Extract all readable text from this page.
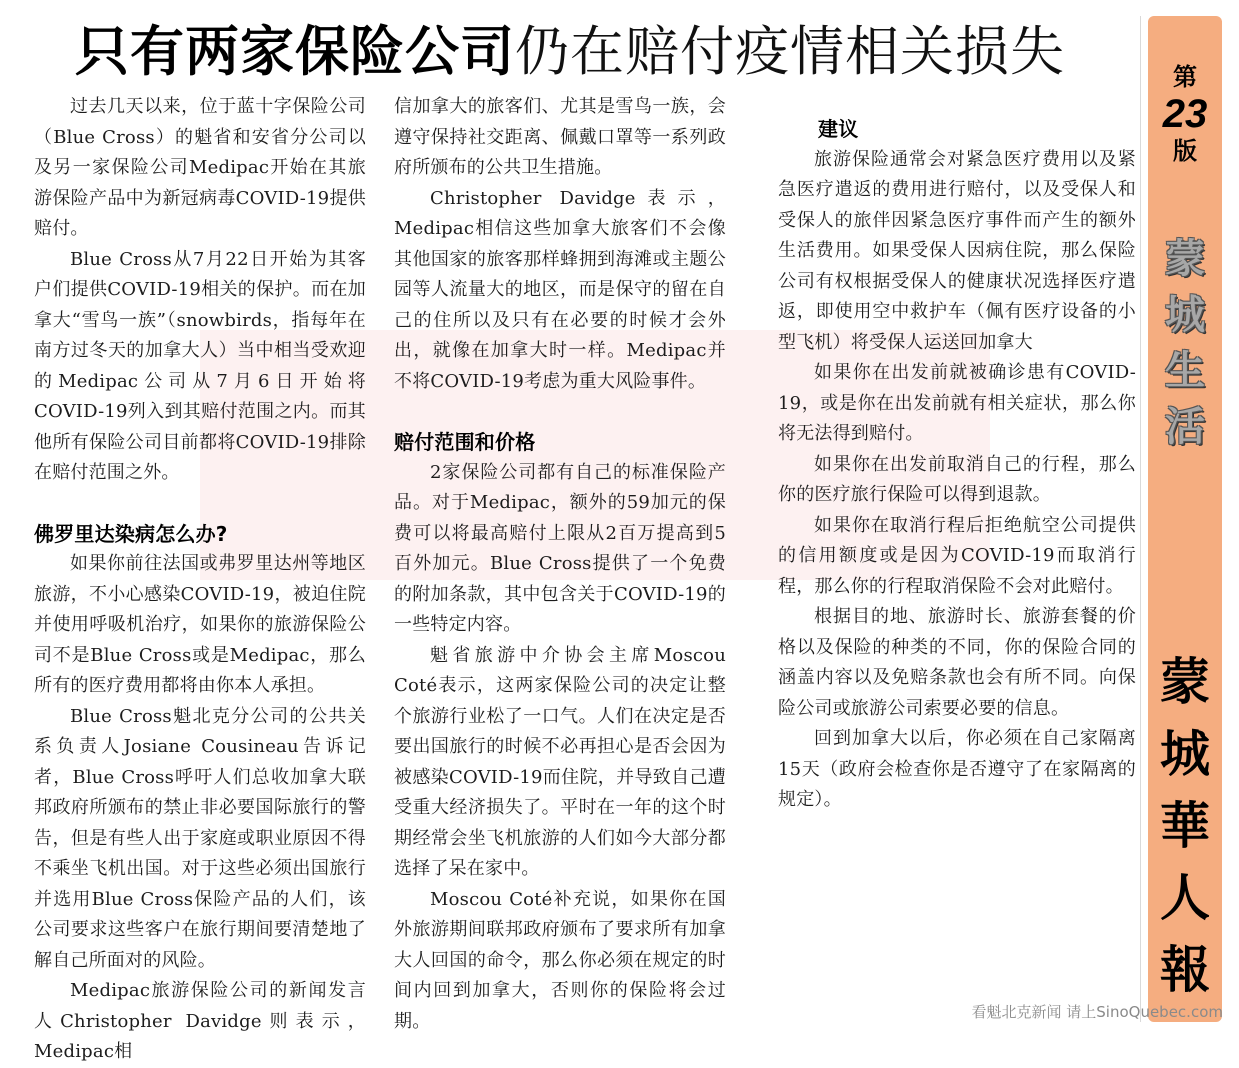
只有两家保险公司仍在赔付疫情相关损失

过去几天以来，位于蓝十字保险公司（Blue Cross）的魁省和安省分公司以及另一家保险公司Medipac开始在其旅游保险产品中为新冠病毒COVID-19提供赔付。

Blue Cross从7月22日开始为其客户们提供COVID-19相关的保护。而在加拿大“雪鸟一族”（snowbirds，指每年在南方过冬天的加拿大人）当中相当受欢迎的Medipac公司从7月6日开始将COVID-19列入到其赔付范围之内。而其他所有保险公司目前都将COVID-19排除在赔付范围之外。

佛罗里达染病怎么办?

如果你前往法国或弗罗里达州等地区旅游，不小心感染COVID-19，被迫住院并使用呼吸机治疗，如果你的旅游保险公司不是Blue Cross或是Medipac，那么所有的医疗费用都将由你本人承担。

Blue Cross魁北克分公司的公共关系负责人Josiane Cousineau告诉记者，Blue Cross呼吁人们总收加拿大联邦政府所颁布的禁止非必要国际旅行的警告，但是有些人出于家庭或职业原因不得不乘坐飞机出国。对于这些必须出国旅行并选用Blue Cross保险产品的人们，该公司要求这些客户在旅行期间要清楚地了解自己所面对的风险。

Medipac旅游保险公司的新闻发言人Christopher Davidge则表示，Medipac相

信加拿大的旅客们、尤其是雪鸟一族，会遵守保持社交距离、佩戴口罩等一系列政府所颁布的公共卫生措施。

Christopher Davidge表示，Medipac相信这些加拿大旅客们不会像其他国家的旅客那样蜂拥到海滩或主题公园等人流量大的地区，而是保守的留在自己的住所以及只有在必要的时候才会外出，就像在加拿大时一样。Medipac并不将COVID-19考虑为重大风险事件。

赔付范围和价格

2家保险公司都有自己的标准保险产品。对于Medipac，额外的59加元的保费可以将最高赔付上限从2百万提高到5百外加元。Blue Cross提供了一个免费的附加条款，其中包含关于COVID-19的一些特定内容。

魁省旅游中介协会主席Moscou Coté表示，这两家保险公司的决定让整个旅游行业松了一口气。人们在决定是否要出国旅行的时候不必再担心是否会因为被感染COVID-19而住院，并导致自己遭受重大经济损失了。平时在一年的这个时期经常会坐飞机旅游的人们如今大部分都选择了呆在家中。

Moscou Coté补充说，如果你在国外旅游期间联邦政府颁布了要求所有加拿大人回国的命令，那么你必须在规定的时间内回到加拿大，否则你的保险将会过期。

建议

旅游保险通常会对紧急医疗费用以及紧急医疗遣返的费用进行赔付，以及受保人和受保人的旅伴因紧急医疗事件而产生的额外生活费用。如果受保人因病住院，那么保险公司有权根据受保人的健康状况选择医疗遣返，即使用空中救护车（佩有医疗设备的小型飞机）将受保人运送回加拿大

如果你在出发前就被确诊患有COVID-19，或是你在出发前就有相关症状，那么你将无法得到赔付。

如果你在出发前取消自己的行程，那么你的医疗旅行保险可以得到退款。

如果你在取消行程后拒绝航空公司提供的信用额度或是因为COVID-19而取消行程，那么你的行程取消保险不会对此赔付。

根据目的地、旅游时长、旅游套餐的价格以及保险的种类的不同，你的保险合同的涵盖内容以及免赔条款也会有所不同。向保险公司或旅游公司索要必要的信息。

回到加拿大以后，你必须在自己家隔离15天（政府会检查你是否遵守了在家隔离的规定）。

第
23
版
蒙
城
生
活
蒙
城
華
人
報
看魁北克新闻 请上SinoQuebec.com
